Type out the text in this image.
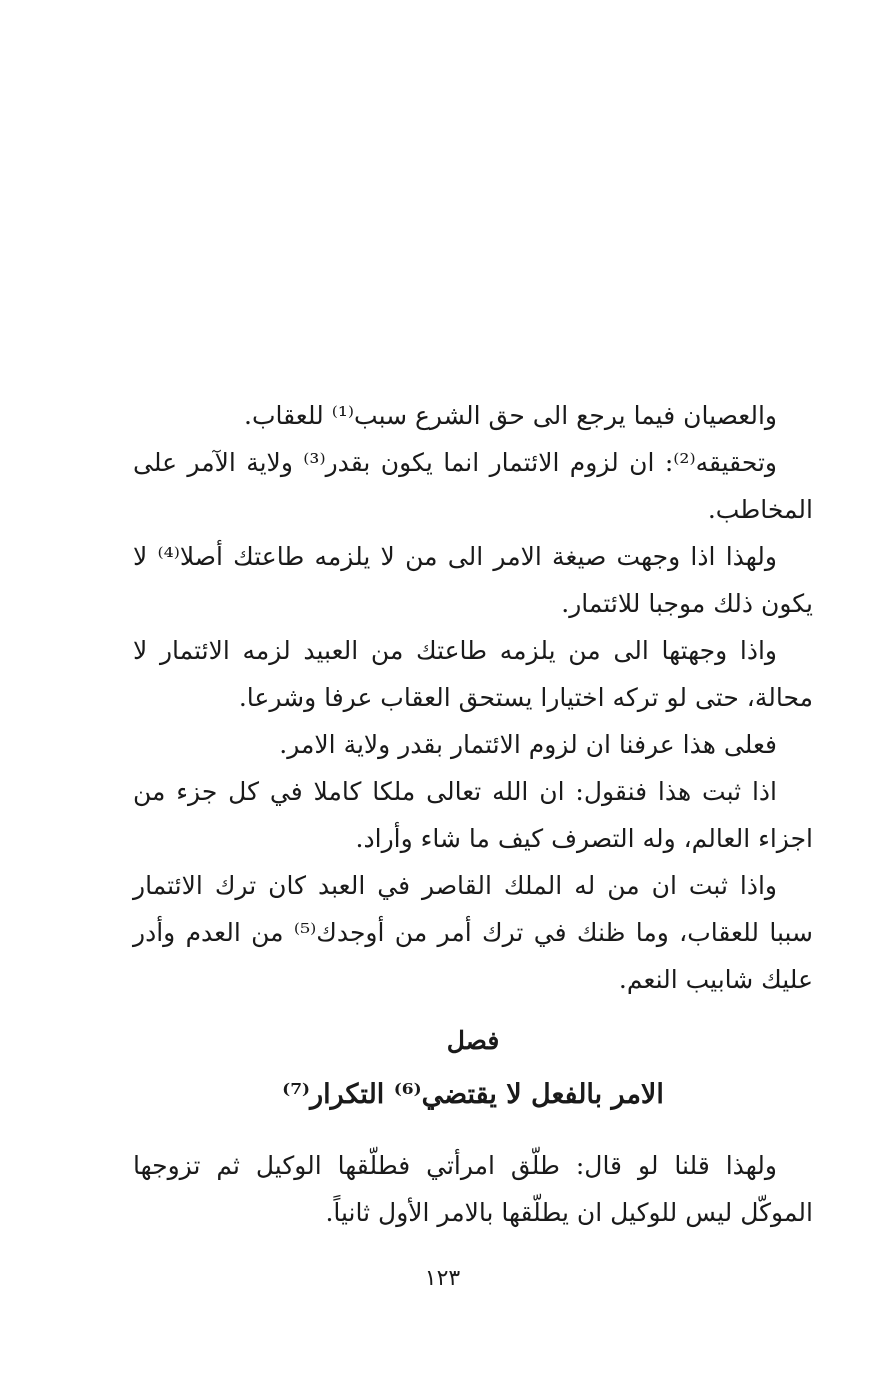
والعصيان فيما يرجع الى حق الشرع سبب⁽¹⁾ للعقاب.

وتحقيقه⁽²⁾: ان لزوم الائتمار انما يكون بقدر⁽³⁾ ولاية الآمر على المخاطب.

ولهذا اذا وجهت صيغة الامر الى من لا يلزمه طاعتك أصلا⁽⁴⁾ لا يكون ذلك موجبا للائتمار.

واذا وجهتها الى من يلزمه طاعتك من العبيد لزمه الائتمار لا محالة، حتى لو تركه اختيارا يستحق العقاب عرفا وشرعا.

فعلى هذا عرفنا ان لزوم الائتمار بقدر ولاية الامر.

اذا ثبت هذا فنقول: ان الله تعالى ملكا كاملا في كل جزء من اجزاء العالم، وله التصرف كيف ما شاء وأراد.

واذا ثبت ان من له الملك القاصر في العبد كان ترك الائتمار سببا للعقاب، وما ظنك في ترك أمر من أوجدك⁽⁵⁾ من العدم وأدر عليك شابيب النعم.

فصل
الامر بالفعل لا يقتضي⁽⁶⁾ التكرار⁽⁷⁾

ولهذا قلنا لو قال: طلّق امرأتي فطلّقها الوكيل ثم تزوجها الموكّل ليس للوكيل ان يطلّقها بالامر الأول ثانياً.

١٢٣
